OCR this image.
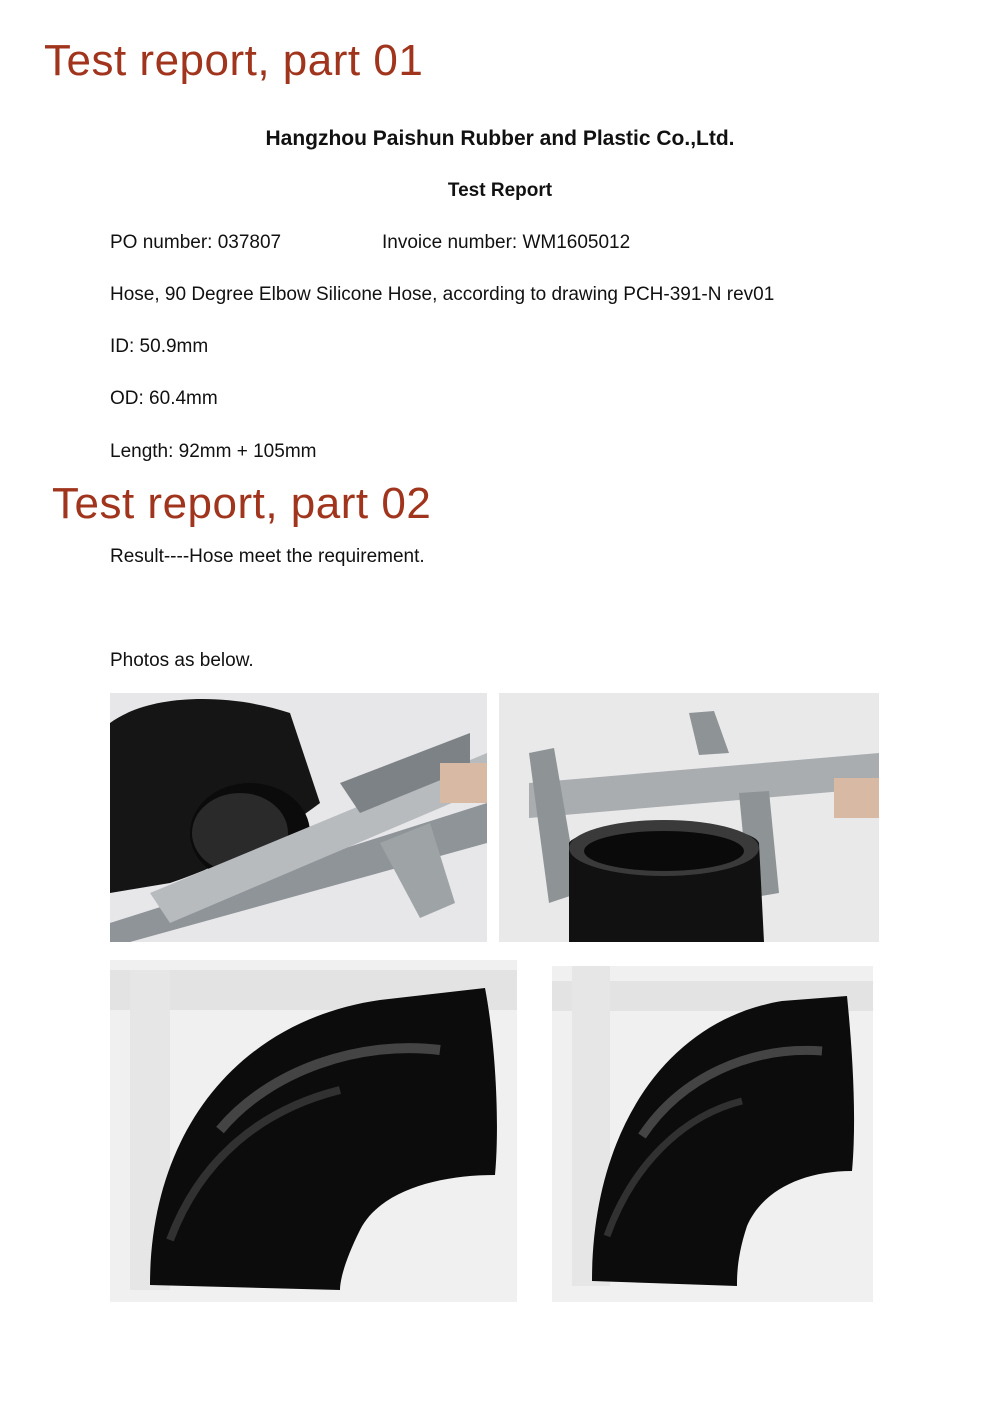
Test report, part 01
Hangzhou Paishun Rubber and Plastic Co.,Ltd.
Test Report
PO number: 037807	Invoice number: WM1605012
Hose, 90 Degree Elbow Silicone Hose, according to drawing PCH-391-N rev01
ID: 50.9mm
OD: 60.4mm
Length: 92mm + 105mm
Test report, part 02
Result----Hose meet the requirement.
Photos as below.
